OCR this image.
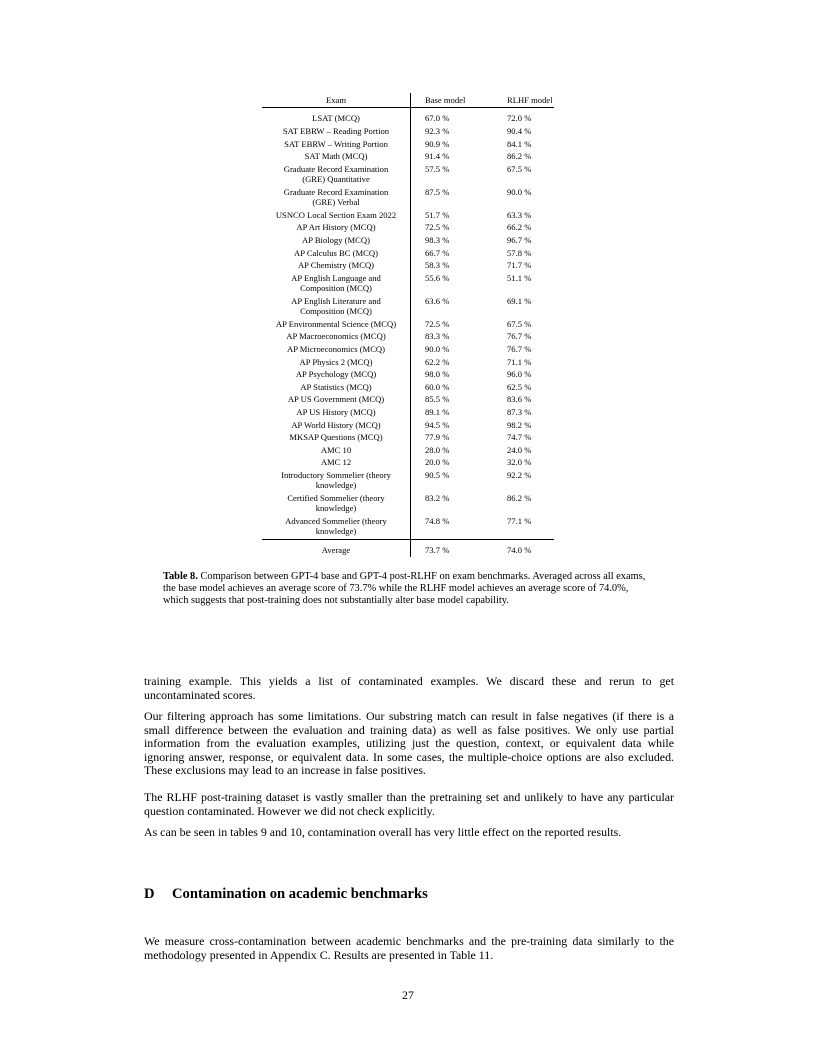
Exam	Base model	RLHF model
LSAT (MCQ)	67.0 %	72.0 %
SAT EBRW – Reading Portion	92.3 %	90.4 %
SAT EBRW – Writing Portion	90.9 %	84.1 %
SAT Math (MCQ)	91.4 %	86.2 %
Graduate Record Examination
(GRE) Quantitative	57.5 %	67.5 %
Graduate Record Examination
(GRE) Verbal	87.5 %	90.0 %
USNCO Local Section Exam 2022	51.7 %	63.3 %
AP Art History (MCQ)	72.5 %	66.2 %
AP Biology (MCQ)	98.3 %	96.7 %
AP Calculus BC (MCQ)	66.7 %	57.8 %
AP Chemistry (MCQ)	58.3 %	71.7 %
AP English Language and
Composition (MCQ)	55.6 %	51.1 %
AP English Literature and
Composition (MCQ)	63.6 %	69.1 %
AP Environmental Science (MCQ)	72.5 %	67.5 %
AP Macroeconomics (MCQ)	83.3 %	76.7 %
AP Microeconomics (MCQ)	90.0 %	76.7 %
AP Physics 2 (MCQ)	62.2 %	71.1 %
AP Psychology (MCQ)	98.0 %	96.0 %
AP Statistics (MCQ)	60.0 %	62.5 %
AP US Government (MCQ)	85.5 %	83.6 %
AP US History (MCQ)	89.1 %	87.3 %
AP World History (MCQ)	94.5 %	98.2 %
MKSAP Questions (MCQ)	77.9 %	74.7 %
AMC 10	28.0 %	24.0 %
AMC 12	20.0 %	32.0 %
Introductory Sommelier (theory
knowledge)	90.5 %	92.2 %
Certified Sommelier (theory
knowledge)	83.2 %	86.2 %
Advanced Sommelier (theory
knowledge)	74.8 %	77.1 %
Average	73.7 %	74.0 %
Table 8. Comparison between GPT-4 base and GPT-4 post-RLHF on exam benchmarks. Averaged across all exams, the base model achieves an average score of 73.7% while the RLHF model achieves an average score of 74.0%, which suggests that post-training does not substantially alter base model capability.
training example. This yields a list of contaminated examples. We discard these and rerun to get uncontaminated scores.
Our filtering approach has some limitations. Our substring match can result in false negatives (if there is a small difference between the evaluation and training data) as well as false positives. We only use partial information from the evaluation examples, utilizing just the question, context, or equivalent data while ignoring answer, response, or equivalent data. In some cases, the multiple-choice options are also excluded. These exclusions may lead to an increase in false positives.
The RLHF post-training dataset is vastly smaller than the pretraining set and unlikely to have any particular question contaminated. However we did not check explicitly.
As can be seen in tables 9 and 10, contamination overall has very little effect on the reported results.
D Contamination on academic benchmarks
We measure cross-contamination between academic benchmarks and the pre-training data similarly to the methodology presented in Appendix C. Results are presented in Table 11.
27
